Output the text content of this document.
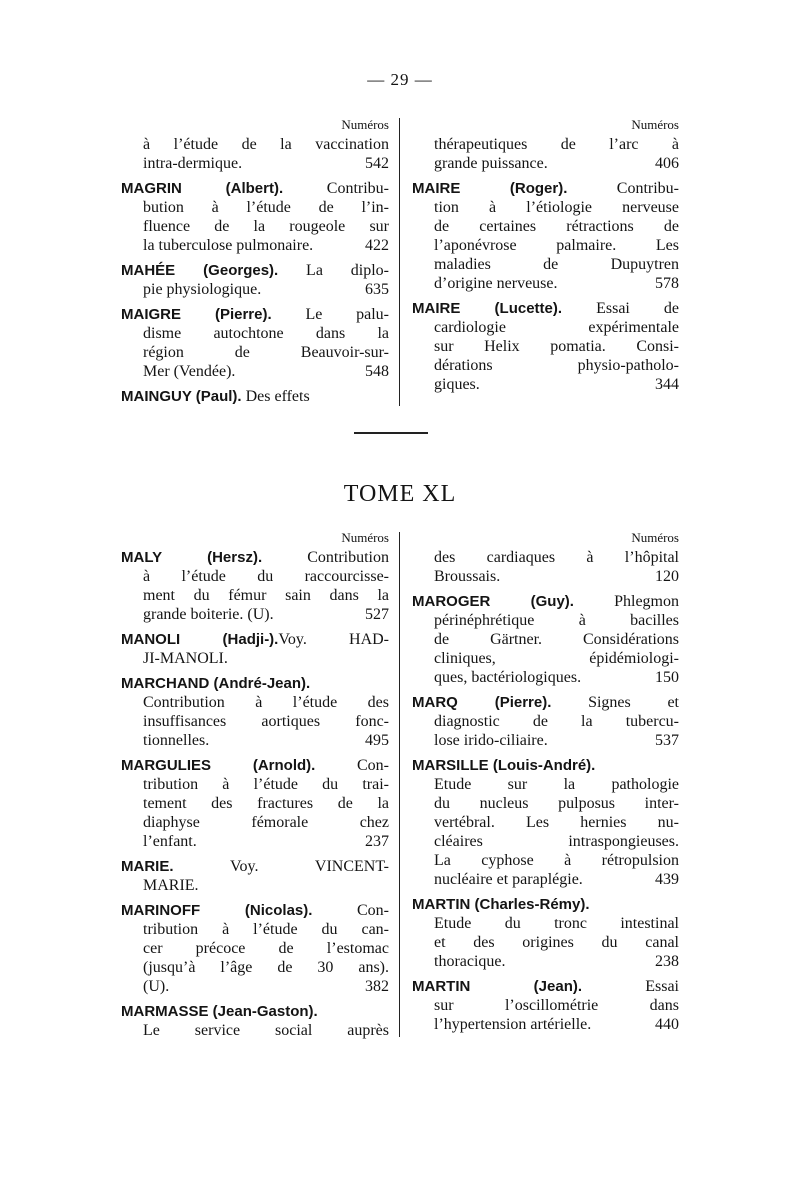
— 29 —
Numéros
à l’étude de la vaccination
intra-dermique.	542
MAGRIN (Albert). Contribu-
bution à l’étude de l’in-
fluence de la rougeole sur
la tuberculose pulmonaire.	422
MAHÉE (Georges). La diplo-
pie physiologique.	635
MAIGRE (Pierre). Le palu-
disme autochtone dans la
région de Beauvoir-sur-
Mer (Vendée).	548
MAINGUY (Paul). Des effets
Numéros
thérapeutiques de l’arc à
grande puissance.	406
MAIRE (Roger). Contribu-
tion à l’étiologie nerveuse
de certaines rétractions de
l’aponévrose palmaire. Les
maladies de Dupuytren
d’origine nerveuse.	578
MAIRE (Lucette). Essai de
cardiologie expérimentale
sur Helix pomatia. Consi-
dérations physio-patholo-
giques.	344
TOME XL
Numéros
MALY (Hersz). Contribution
à l’étude du raccourcisse-
ment du fémur sain dans la
grande boiterie. (U).	527
MANOLI (Hadji-).Voy. HAD-
JI-MANOLI.
MARCHAND (André-Jean).
Contribution à l’étude des
insuffisances aortiques fonc-
tionnelles.	495
MARGULIES (Arnold). Con-
tribution à l’étude du trai-
tement des fractures de la
diaphyse fémorale chez
l’enfant.	237
MARIE. Voy. VINCENT-
MARIE.
MARINOFF (Nicolas). Con-
tribution à l’étude du can-
cer précoce de l’estomac
(jusqu’à l’âge de 30 ans).
(U).	382
MARMASSE (Jean-Gaston).
Le service social auprès
Numéros
des cardiaques à l’hôpital
Broussais.	120
MAROGER (Guy). Phlegmon
périnéphrétique à bacilles
de Gärtner. Considérations
cliniques, épidémiologi-
ques, bactériologiques.	150
MARQ (Pierre). Signes et
diagnostic de la tubercu-
lose irido-ciliaire.	537
MARSILLE (Louis-André).
Etude sur la pathologie
du nucleus pulposus inter-
vertébral. Les hernies nu-
cléaires intraspongieuses.
La cyphose à rétropulsion
nucléaire et paraplégie.	439
MARTIN (Charles-Rémy).
Etude du tronc intestinal
et des origines du canal
thoracique.	238
MARTIN (Jean). Essai
sur l’oscillométrie dans
l’hypertension artérielle.	440
